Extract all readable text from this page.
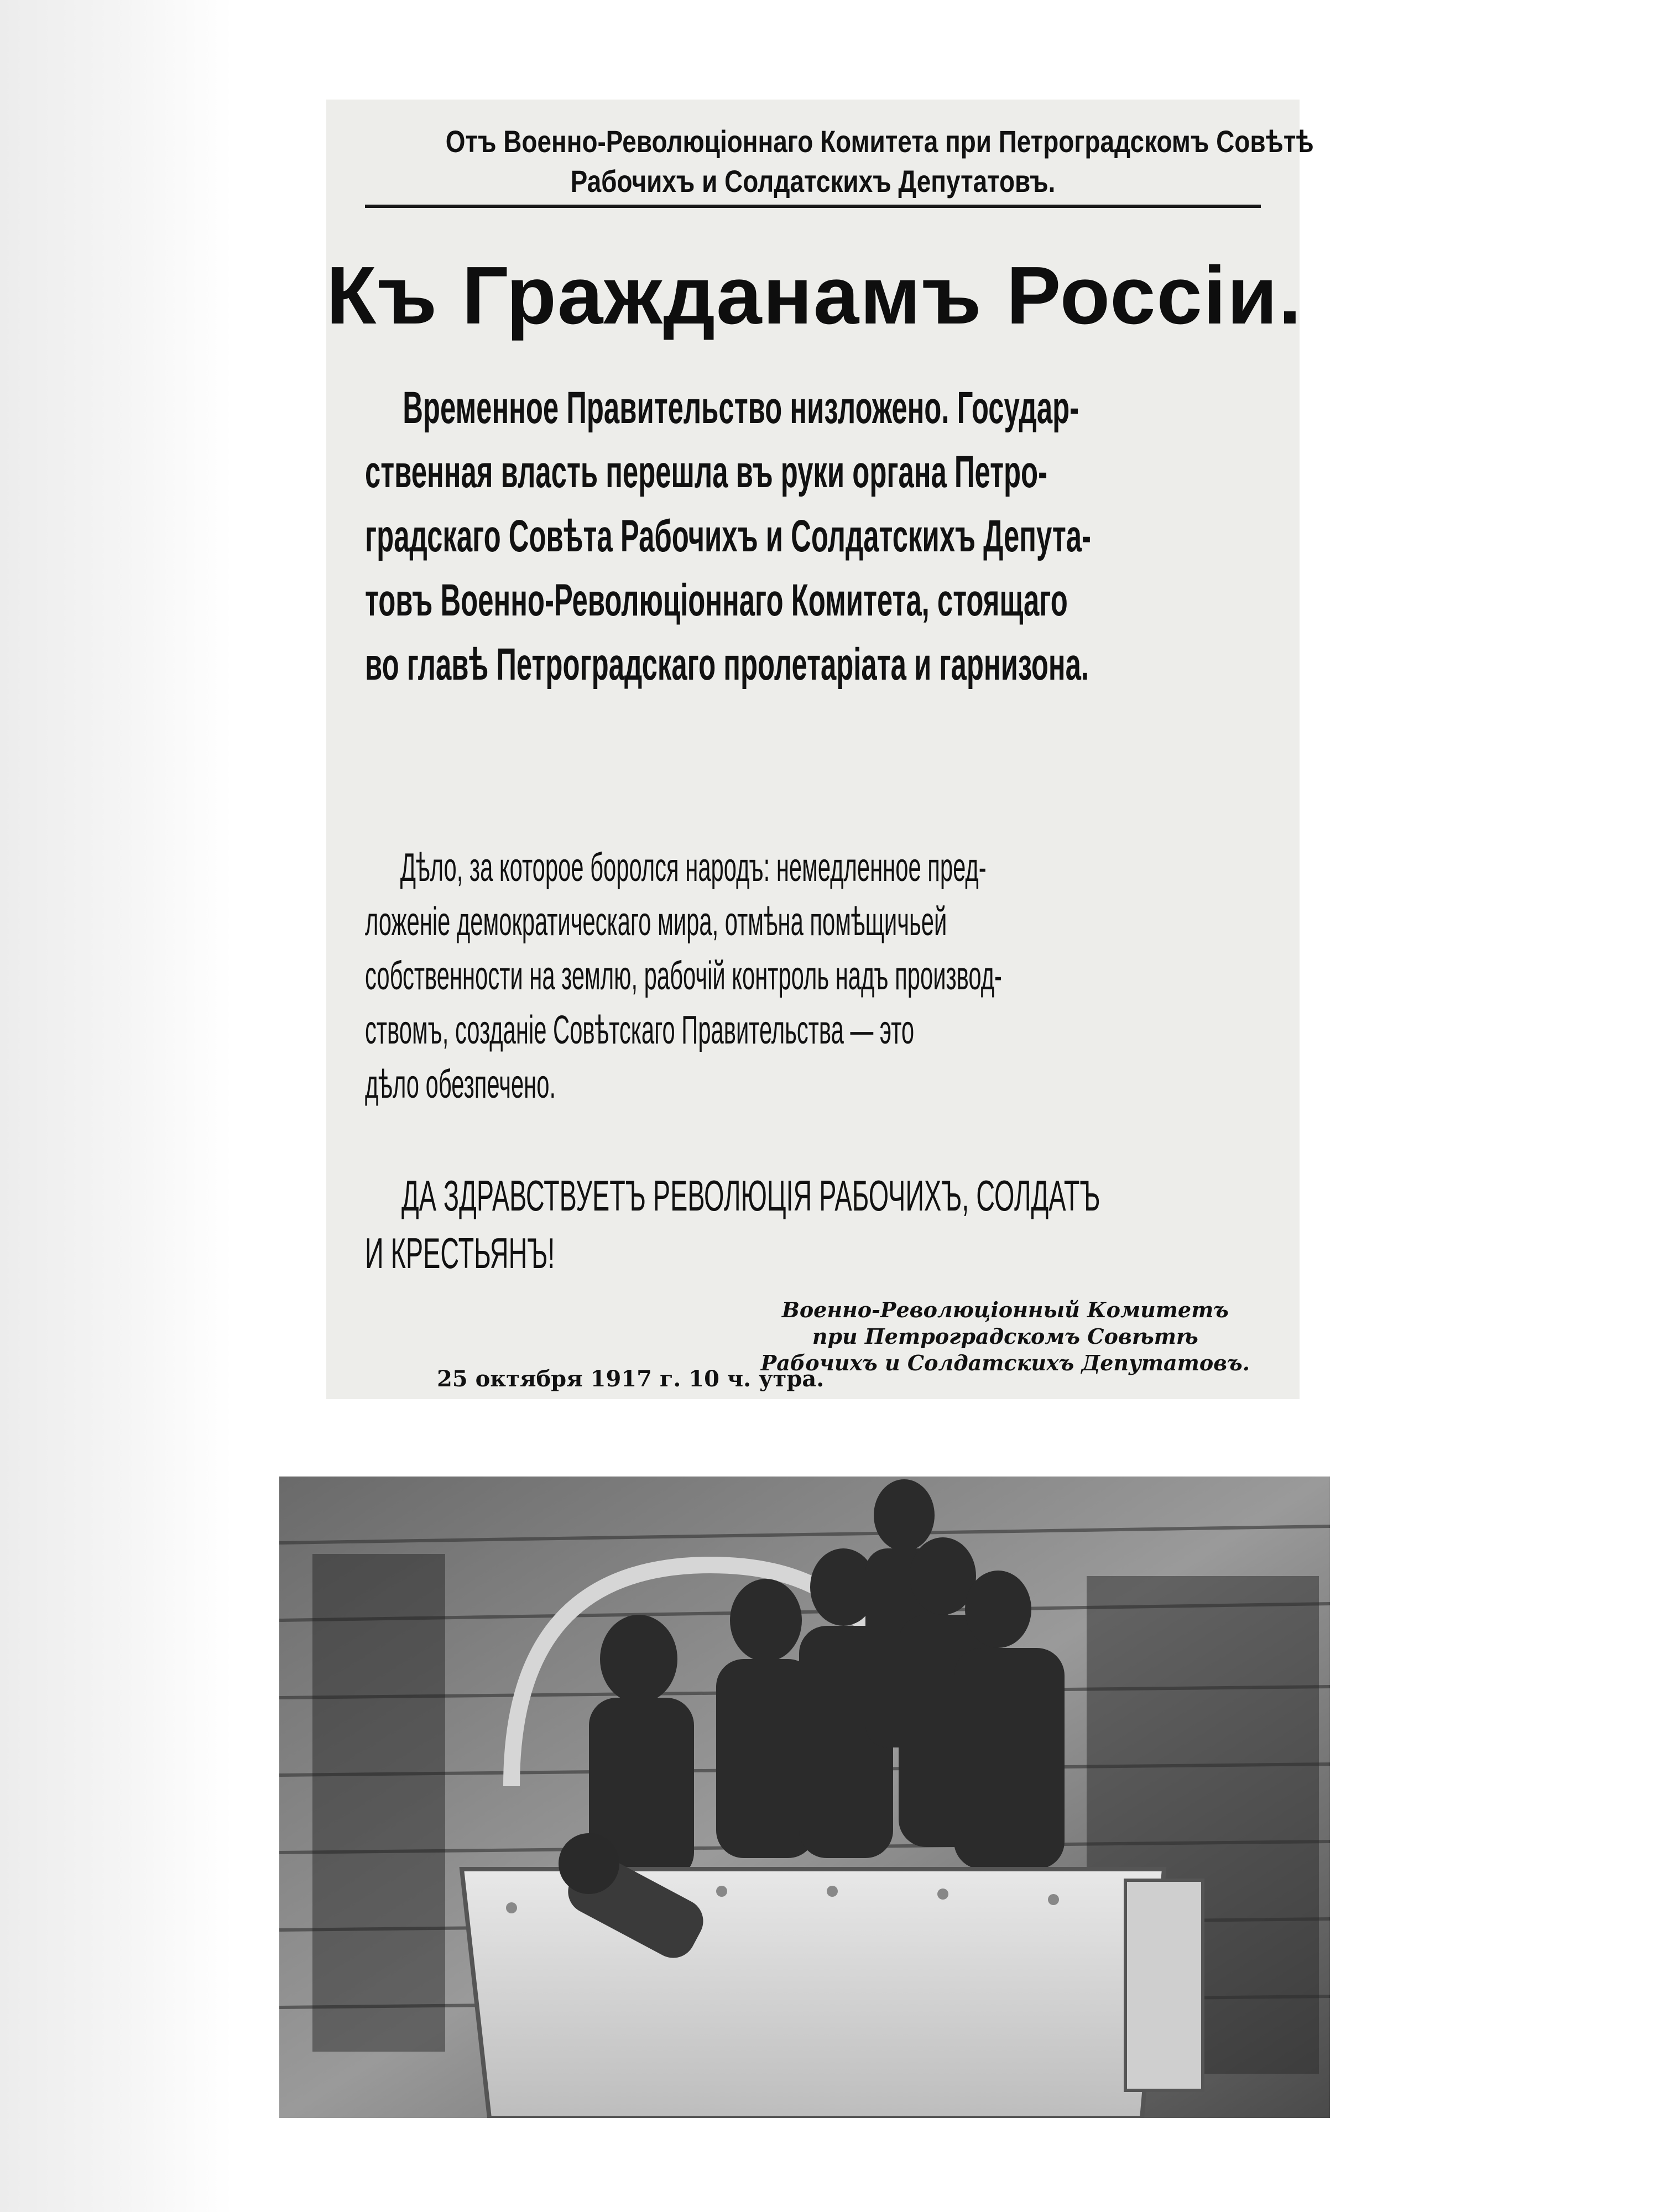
Отъ Военно-Революціоннаго Комитета при Петроградскомъ Совѣтѣ
Рабочихъ и Солдатскихъ Депутатовъ.
Къ Гражданамъ Россіи.
Временное Правительство низложено. Государ-
ственная власть перешла въ руки органа Петро-
градскаго Совѣта Рабочихъ и Солдатскихъ Депута-
товъ Военно-Революціоннаго Комитета, стоящаго
во главѣ Петроградскаго пролетаріата и гарнизона.
Дѣло, за которое боролся народъ: немедленное пред-
ложеніе демократическаго мира, отмѣна помѣщичьей
собственности на землю, рабочій контроль надъ производ-
ствомъ, созданіе Совѣтскаго Правительства — это
дѣло обезпечено.
ДА ЗДРАВСТВУЕТЪ РЕВОЛЮЦІЯ РАБОЧИХЪ, СОЛДАТЪ
И КРЕСТЬЯНЪ!
Военно-Революціонный Комитетъ
при Петроградскомъ Совѣтѣ
Рабочихъ и Солдатскихъ Депутатовъ.
25 октября 1917 г. 10 ч. утра.
